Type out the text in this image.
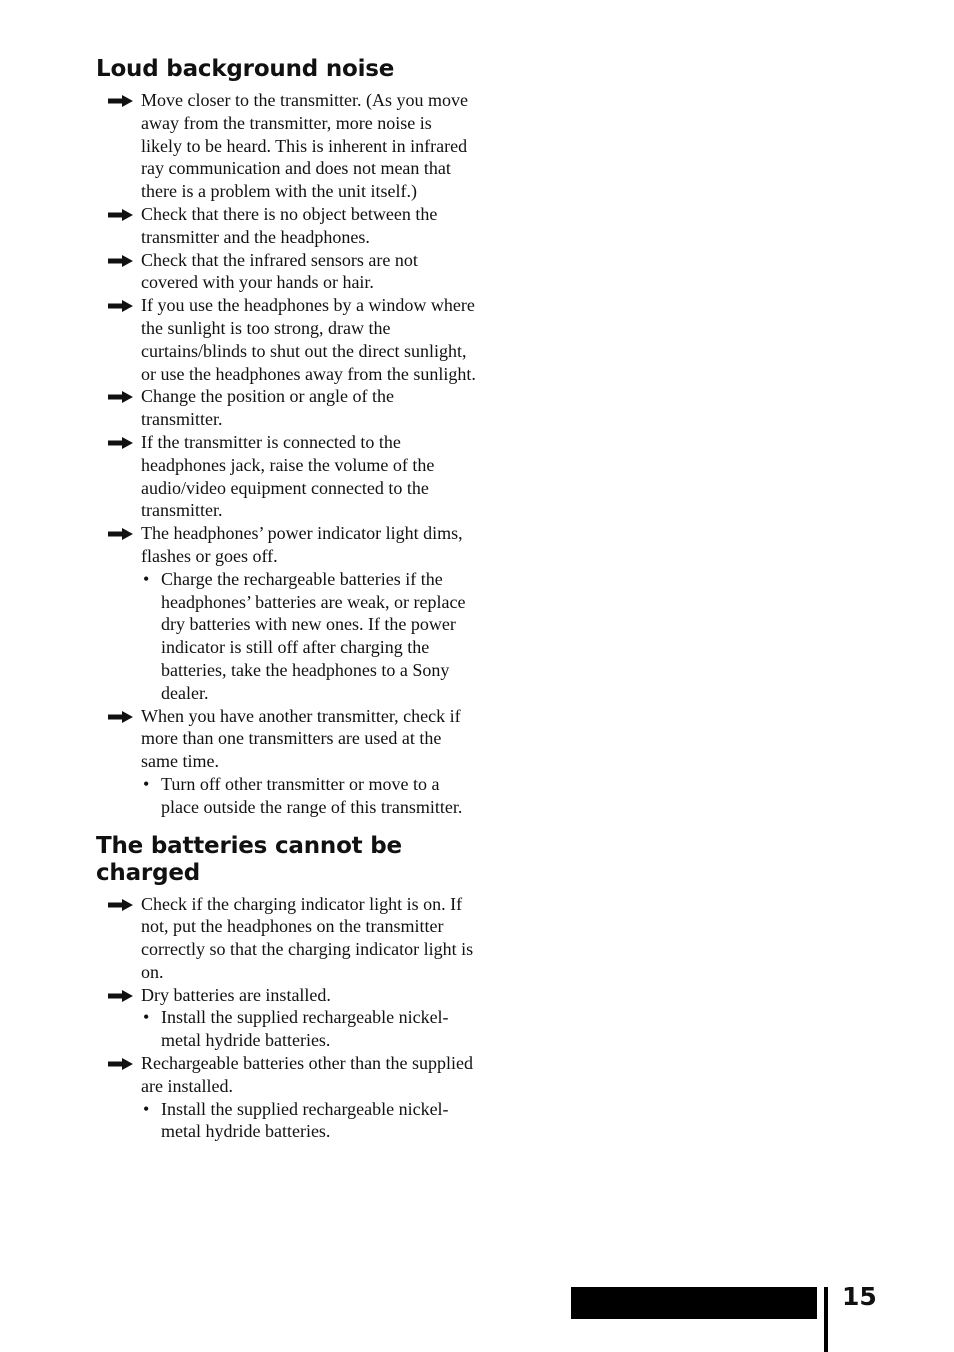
Loud background noise
Move closer to the transmitter. (As you move away from the transmitter, more noise is likely to be heard. This is inherent in infrared ray communication and does not mean that there is a problem with the unit itself.)
Check that there is no object between the transmitter and the headphones.
Check that the infrared sensors are not covered with your hands or hair.
If you use the headphones by a window where the sunlight is too strong, draw the curtains/blinds to shut out the direct sunlight, or use the headphones away from the sunlight.
Change the position or angle of the transmitter.
If the transmitter is connected to the headphones jack, raise the volume of the audio/video equipment connected to the transmitter.
The headphones’ power indicator light dims, flashes or goes off.
• Charge the rechargeable batteries if the headphones’ batteries are weak, or replace dry batteries with new ones. If the power indicator is still off after charging the batteries, take the headphones to a Sony dealer.
When you have another transmitter, check if more than one transmitters are used at the same time.
• Turn off other transmitter or move to a place outside the range of this transmitter.
The batteries cannot be charged
Check if the charging indicator light is on. If not, put the headphones on the transmitter correctly so that the charging indicator light is on.
Dry batteries are installed.
• Install the supplied rechargeable nickel-metal hydride batteries.
Rechargeable batteries other than the supplied are installed.
• Install the supplied rechargeable nickel-metal hydride batteries.
15
